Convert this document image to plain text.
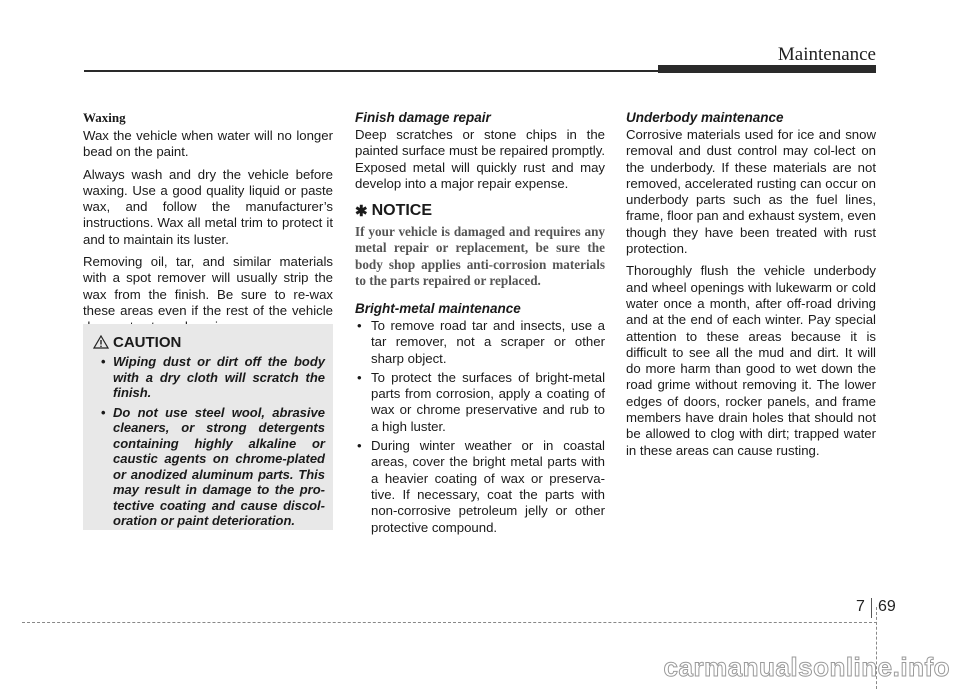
Maintenance
Waxing

Wax the vehicle when water will no longer bead on the paint.

Always wash and dry the vehicle before waxing. Use a good quality liquid or paste wax, and follow the manufacturer’s instructions. Wax all metal trim to protect it and to maintain its luster.

Removing oil, tar, and similar materials with a spot remover will usually strip the wax from the finish. Be sure to re-wax these areas even if the rest of the vehicle

CAUTION
• Wiping dust or dirt off the body with a dry cloth will scratch the finish.
• Do not use steel wool, abrasive cleaners, or strong detergents containing highly alkaline or caustic agents on chrome-plated or anodized aluminum parts. This may result in damage to the pro-tective coating and cause discol-oration or paint deterioration.
Finish damage repair

Deep scratches or stone chips in the painted surface must be repaired promptly. Exposed metal will quickly rust and may develop into a major repair expense.

✱ NOTICE
If your vehicle is damaged and requires any metal repair or replacement, be sure the body shop applies anti-corrosion materials to the parts repaired or replaced.
Bright-metal maintenance
• To remove road tar and insects, use a tar remover, not a scraper or other sharp object.
• To protect the surfaces of bright-metal parts from corrosion, apply a coating of wax or chrome preservative and rub to a high luster.
• During winter weather or in coastal areas, cover the bright metal parts with a heavier coating of wax or preserva-tive. If necessary, coat the parts with non-corrosive petroleum jelly or other protective compound.
Underbody maintenance

Corrosive materials used for ice and snow removal and dust control may col-lect on the underbody. If these materials are not removed, accelerated rusting can occur on underbody parts such as the fuel lines, frame, floor pan and exhaust system, even though they have been treated with rust protection.

Thoroughly flush the vehicle underbody and wheel openings with lukewarm or cold water once a month, after off-road driving and at the end of each winter. Pay special attention to these areas because it is difficult to see all the mud and dirt. It will do more harm than good to wet down the road grime without removing it. The lower edges of doors, rocker panels, and frame members have drain holes that should not be allowed to clog with dirt; trapped water in these areas can cause rusting.

7 69
carmanualsonline.info
